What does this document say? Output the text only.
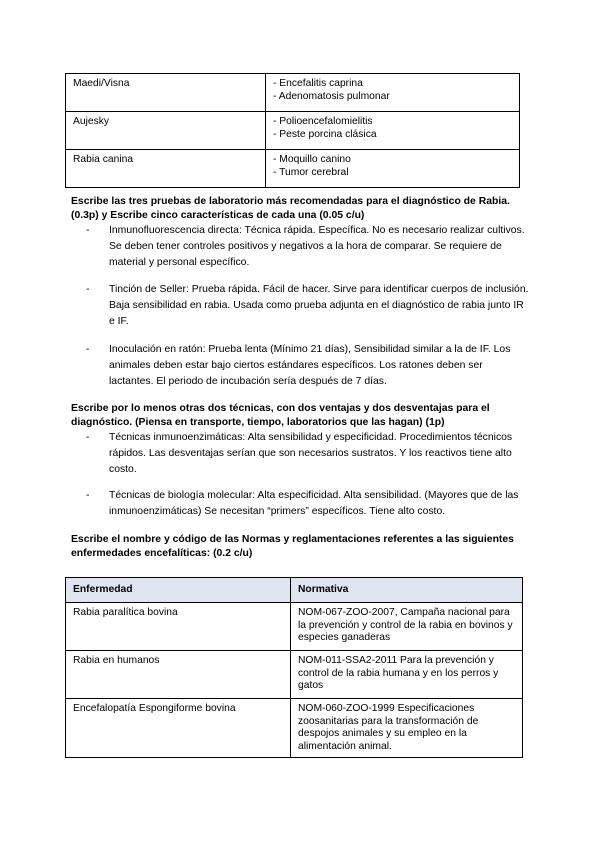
Maedi/Visna	- Encefalitis caprina
- Adenomatosis pulmonar

Aujesky	- Polioencefalomielitis
- Peste porcina clásica

Rabia canina	- Moquillo canino
- Tumor cerebral
Escribe las tres pruebas de laboratorio más recomendadas para el diagnóstico de Rabia. (0.3p) y Escribe cinco características de cada una (0.05 c/u)
- Inmunofluorescencia directa: Técnica rápida. Específica. No es necesario realizar cultivos. Se deben tener controles positivos y negativos a la hora de comparar. Se requiere de material y personal específico.
- Tinción de Seller: Prueba rápida. Fácil de hacer. Sirve para identificar cuerpos de inclusión. Baja sensibilidad en rabia. Usada como prueba adjunta en el diagnóstico de rabia junto IR e IF.
- Inoculación en ratón: Prueba lenta (Mínimo 21 días), Sensibilidad similar a la de IF. Los animales deben estar bajo ciertos estándares específicos. Los ratones deben ser lactantes. El periodo de incubación sería después de 7 días.
Escribe por lo menos otras dos técnicas, con dos ventajas y dos desventajas para el diagnóstico. (Piensa en transporte, tiempo, laboratorios que las hagan) (1p)
- Técnicas inmunoenzimáticas: Alta sensibilidad y especificidad. Procedimientos técnicos rápidos. Las desventajas serían que son necesarios sustratos. Y los reactivos tiene alto costo.
- Técnicas de biología molecular: Alta especificidad. Alta sensibilidad. (Mayores que de las inmunoenzimáticas) Se necesitan “primers” específicos. Tiene alto costo.
Escribe el nombre y código de las Normas y reglamentaciones referentes a las siguientes enfermedades encefalíticas: (0.2 c/u)
Enfermedad	Normativa
Rabia paralítica bovina	NOM-067-ZOO-2007, Campaña nacional para la prevención y control de la rabia en bovinos y especies ganaderas
Rabia en humanos	NOM-011-SSA2-2011 Para la prevención y control de la rabia humana y en los perros y gatos
Encefalopatía Espongiforme bovina	NOM-060-ZOO-1999 Especificaciones zoosanitarias para la transformación de despojos animales y su empleo en la alimentación animal.
